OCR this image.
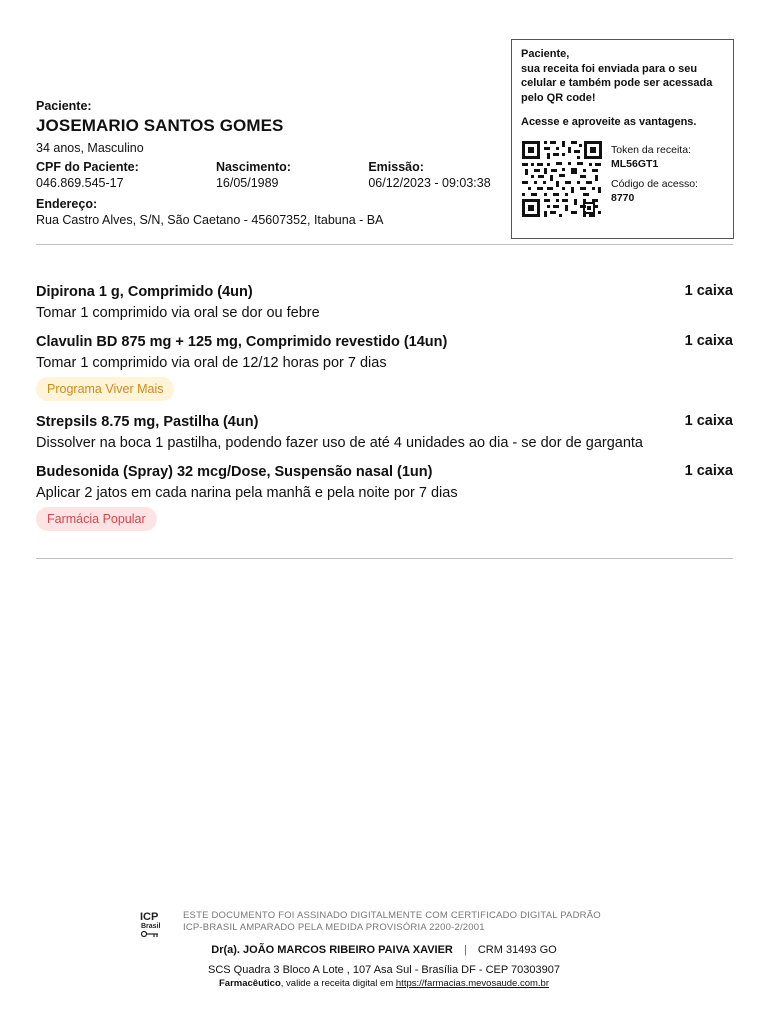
Paciente:
JOSEMARIO SANTOS GOMES
34 anos, Masculino
CPF do Paciente:
046.869.545-17
Nascimento:
16/05/1989
Emissão:
06/12/2023 - 09:03:38
Endereço:
Rua Castro Alves, S/N, São Caetano - 45607352, Itabuna - BA
Paciente,
sua receita foi enviada para o seu celular e também pode ser acessada pelo QR code!
Acesse e aproveite as vantagens.
Token da receita:
ML56GT1
Código de acesso:
8770
Dipirona 1 g, Comprimido (4un)	1 caixa
Tomar 1 comprimido via oral se dor ou febre
Clavulin BD 875 mg + 125 mg, Comprimido revestido (14un)	1 caixa
Tomar 1 comprimido via oral de 12/12 horas por 7 dias
Programa Viver Mais
Strepsils 8.75 mg, Pastilha (4un)	1 caixa
Dissolver na boca 1 pastilha, podendo fazer uso de até 4 unidades ao dia - se dor de garganta
Budesonida (Spray) 32 mcg/Dose, Suspensão nasal (1un)	1 caixa
Aplicar 2 jatos em cada narina pela manhã e pela noite por 7 dias
Farmácia Popular
ICP
Brasil
ESTE DOCUMENTO FOI ASSINADO DIGITALMENTE COM CERTIFICADO DIGITAL PADRÃO
ICP-BRASIL AMPARADO PELA MEDIDA PROVISÓRIA 2200-2/2001
Dr(a). JOÃO MARCOS RIBEIRO PAIVA XAVIER | CRM 31493 GO
SCS Quadra 3 Bloco A Lote , 107 Asa Sul - Brasília DF - CEP 70303907
Farmacêutico, valide a receita digital em https://farmacias.mevosaude.com.br
